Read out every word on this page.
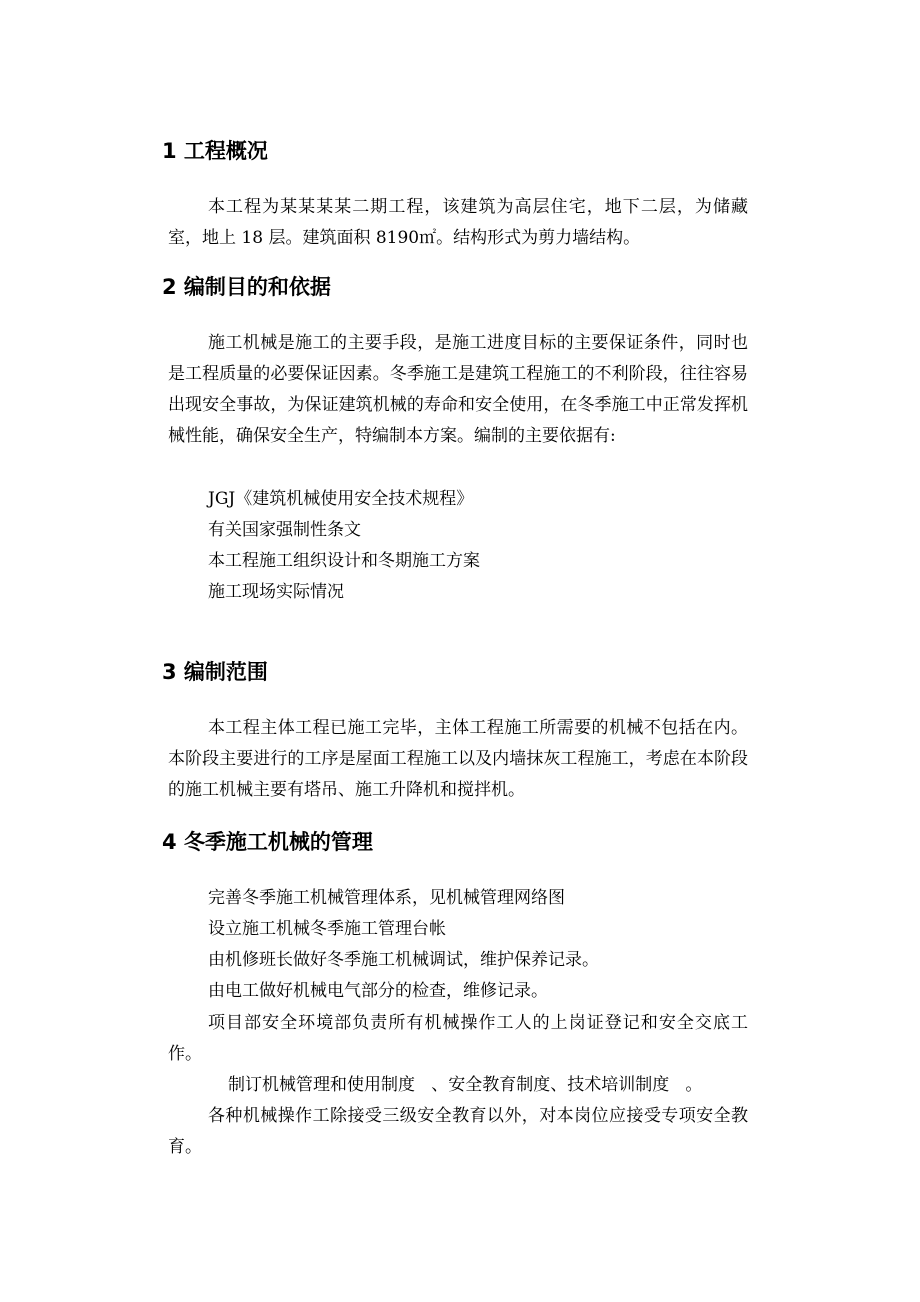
1 工程概况

本工程为某某某某二期工程，该建筑为高层住宅，地下二层，为储藏室，地上 18 层。建筑面积 8190㎡。结构形式为剪力墙结构。

2 编制目的和依据

施工机械是施工的主要手段，是施工进度目标的主要保证条件，同时也是工程质量的必要保证因素。冬季施工是建筑工程施工的不利阶段，往往容易出现安全事故，为保证建筑机械的寿命和安全使用，在冬季施工中正常发挥机械性能，确保安全生产，特编制本方案。编制的主要依据有:

JGJ《建筑机械使用安全技术规程》

有关国家强制性条文

本工程施工组织设计和冬期施工方案

施工现场实际情况

3 编制范围

本工程主体工程已施工完毕，主体工程施工所需要的机械不包括在内。本阶段主要进行的工序是屋面工程施工以及内墙抹灰工程施工，考虑在本阶段的施工机械主要有塔吊、施工升降机和搅拌机。

4 冬季施工机械的管理

完善冬季施工机械管理体系，见机械管理网络图

设立施工机械冬季施工管理台帐

由机修班长做好冬季施工机械调试，维护保养记录。

由电工做好机械电气部分的检查，维修记录。

项目部安全环境部负责所有机械操作工人的上岗证登记和安全交底工作。

制订机械管理和使用制度   、安全教育制度、技术培训制度   。

各种机械操作工除接受三级安全教育以外，对本岗位应接受专项安全教育。
